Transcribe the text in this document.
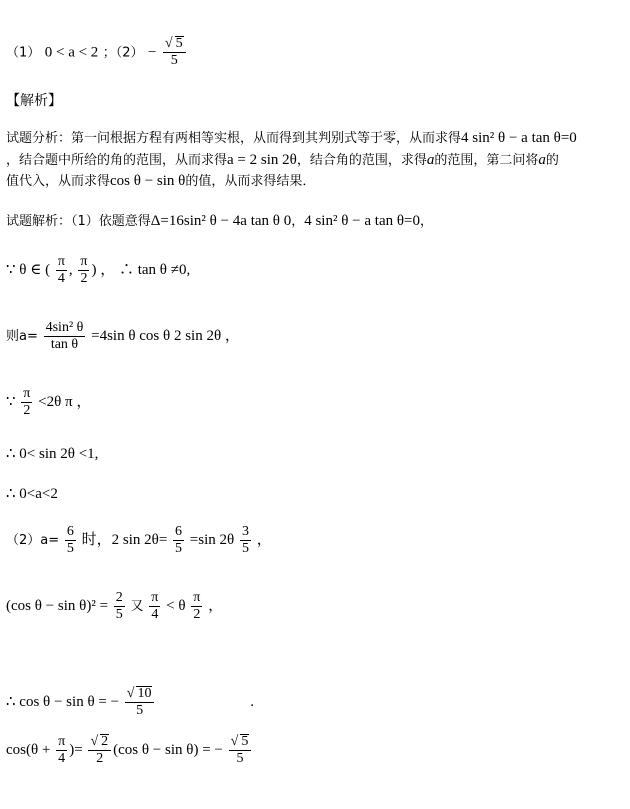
（1） 0 < a < 2 ；$(2) - \frac{√ 5}{5}$
【解析】
试题分析：第一问根据方程有两相等实根，从而得到其判别式等于零，从而求得4 sin² θ − a tan θ=0
，结合题中所给的角的范围，从而求得a = 2 sin 2θ，结合角的范围，求得a的范围，第二问将a的
值代入，从而求得cos θ − sin θ的值，从而求得结果．
试题解析：（1）依题意得Δ=16sin² θ − 4a tan θ 0，4 sin² θ − a tan θ=0，
∵ θ ∈ ( $\frac{\pi}{4}$ , $\frac{\pi}{2}$ ) ， ∴ tan θ ≠0,
则$a= \frac{\text{4sin² θ}}{\text{tan θ}} =4\sin$ θ cos θ 2 sin 2θ ，
∵ $\frac{\pi}{2} <2\theta$ π ，
∴ 0< sin 2θ <1,
∴ 0<a<2
$(2)a= \frac{6}{5}$ 时，2 $\sin 2\theta= \frac{6}{5} =\sin$ $2\theta \frac{3}{5}$ ，
(cos $\theta - \sin \theta)^2 = \frac{2}{5}$ 又 $\frac{\pi}{4} < \theta \frac{\pi}{2}$ ，
∴ cos θ − sin θ = − $\frac{√ 10}{5}$	.
$\cos(\theta + \frac{\pi}{4}$ )= $\frac{√ 2}{2} (\cos$ θ − sin θ) = − $\frac{√ 5}{5}$
